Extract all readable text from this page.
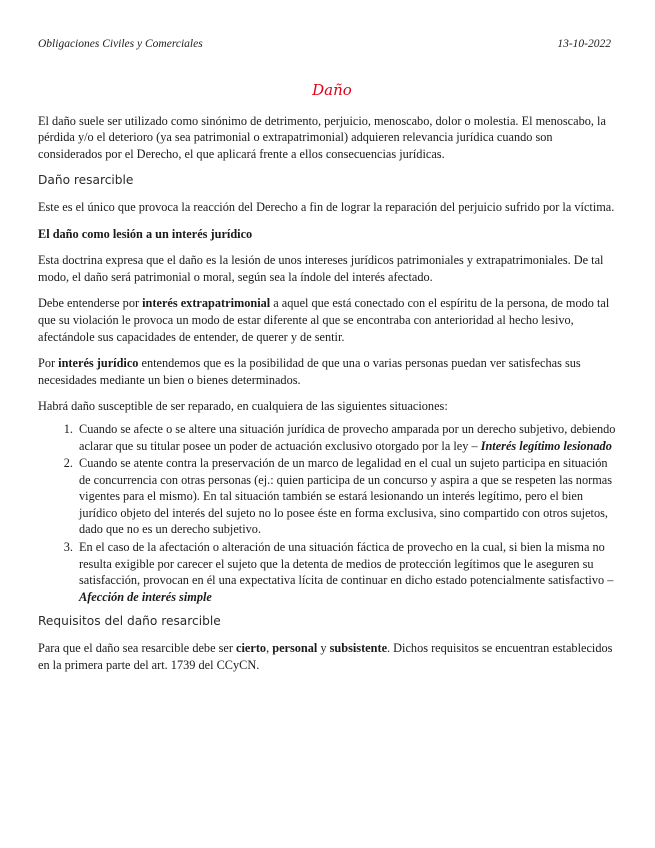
Obligaciones Civiles y Comerciales	13-10-2022
Daño

El daño suele ser utilizado como sinónimo de detrimento, perjuicio, menoscabo, dolor o molestia. El menoscabo, la pérdida y/o el deterioro (ya sea patrimonial o extrapatrimonial) adquieren relevancia jurídica cuando son considerados por el Derecho, el que aplicará frente a ellos consecuencias jurídicas.

Daño resarcible

Este es el único que provoca la reacción del Derecho a fin de lograr la reparación del perjuicio sufrido por la víctima.

El daño como lesión a un interés jurídico

Esta doctrina expresa que el daño es la lesión de unos intereses jurídicos patrimoniales y extrapatrimoniales. De tal modo, el daño será patrimonial o moral, según sea la índole del interés afectado.

Debe entenderse por interés extrapatrimonial a aquel que está conectado con el espíritu de la persona, de modo tal que su violación le provoca un modo de estar diferente al que se encontraba con anterioridad al hecho lesivo, afectándole sus capacidades de entender, de querer y de sentir.

Por interés jurídico entendemos que es la posibilidad de que una o varias personas puedan ver satisfechas sus necesidades mediante un bien o bienes determinados.

Habrá daño susceptible de ser reparado, en cualquiera de las siguientes situaciones:

1. Cuando se afecte o se altere una situación jurídica de provecho amparada por un derecho subjetivo, debiendo aclarar que su titular posee un poder de actuación exclusivo otorgado por la ley – Interés legítimo lesionado
2. Cuando se atente contra la preservación de un marco de legalidad en el cual un sujeto participa en situación de concurrencia con otras personas (ej.: quien participa de un concurso y aspira a que se respeten las normas vigentes para el mismo). En tal situación también se estará lesionando un interés legítimo, pero el bien jurídico objeto del interés del sujeto no lo posee éste en forma exclusiva, sino compartido con otros sujetos, dado que no es un derecho subjetivo.
3. En el caso de la afectación o alteración de una situación fáctica de provecho en la cual, si bien la misma no resulta exigible por carecer el sujeto que la detenta de medios de protección legítimos que le aseguren su satisfacción, provocan en él una expectativa lícita de continuar en dicho estado potencialmente satisfactivo – Afección de interés simple
Requisitos del daño resarcible

Para que el daño sea resarcible debe ser cierto, personal y subsistente. Dichos requisitos se encuentran establecidos en la primera parte del art. 1739 del CCyCN.
